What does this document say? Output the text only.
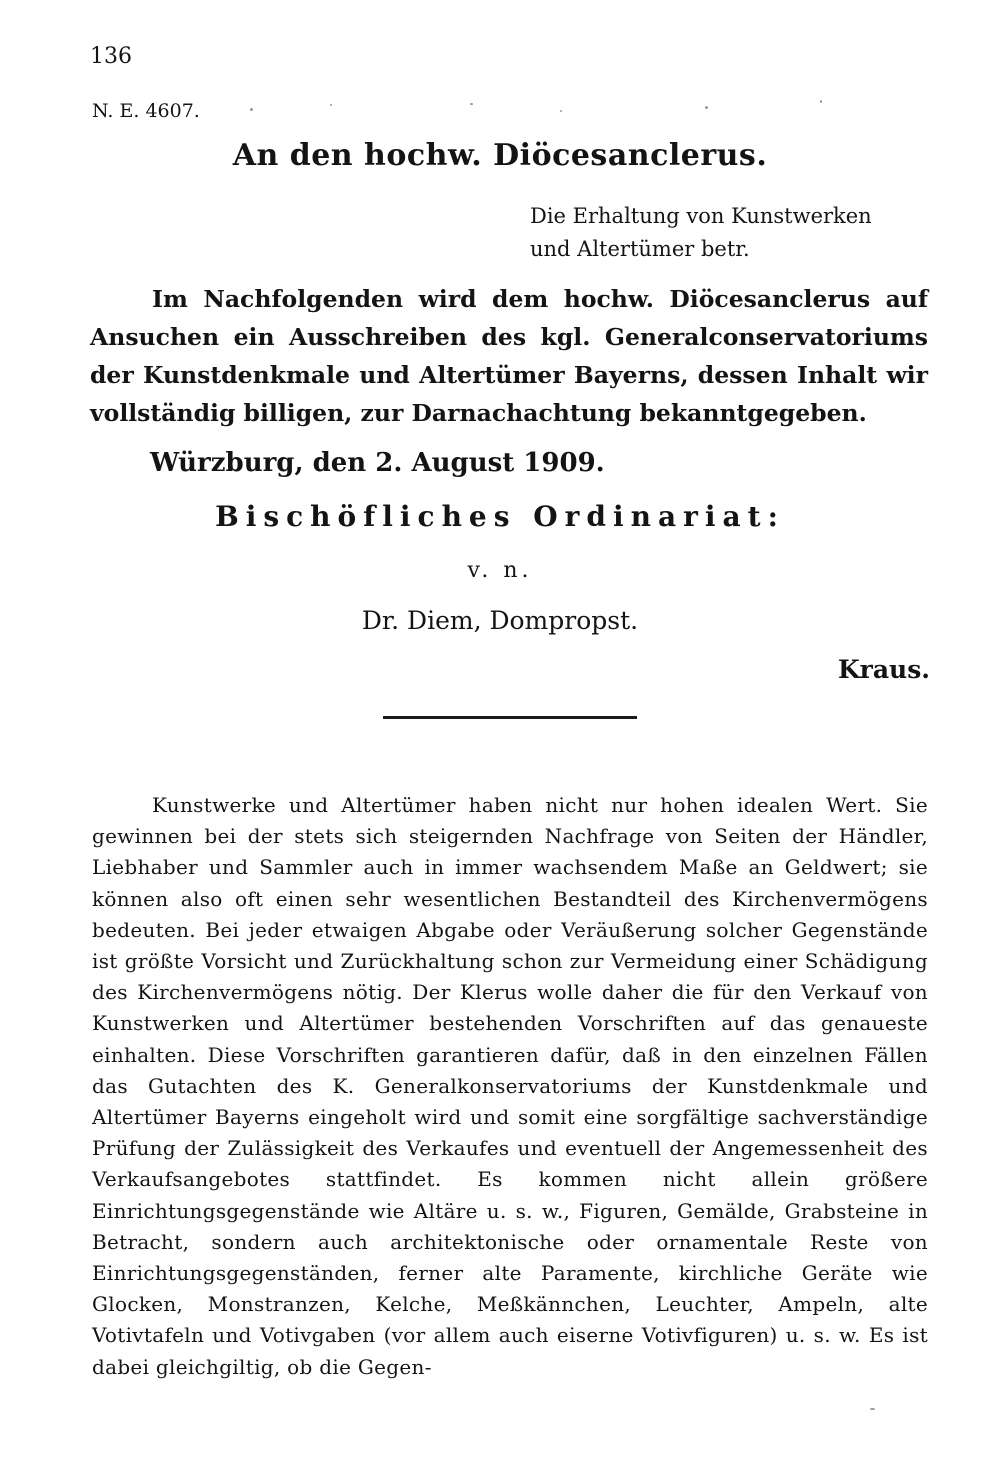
136
N. E. 4607.
An den hochw. Diöcesanclerus.
Die Erhaltung von Kunstwerken
und Altertümer betr.
Im Nachfolgenden wird dem hochw. Diöcesanclerus auf Ansuchen ein Ausschreiben des kgl. Generalconservatoriums der Kunstdenkmale und Altertümer Bayerns, dessen Inhalt wir vollständig billigen, zur Darnachachtung bekanntgegeben.
Würzburg, den 2. August 1909.
Bischöfliches Ordinariat:
v. n.
Dr. Diem, Dompropst.
Kraus.

Kunstwerke und Altertümer haben nicht nur hohen idealen Wert. Sie gewinnen bei der stets sich steigernden Nachfrage von Seiten der Händler, Liebhaber und Sammler auch in immer wachsendem Maße an Geldwert; sie können also oft einen sehr wesentlichen Bestandteil des Kirchenvermögens bedeuten. Bei jeder etwaigen Abgabe oder Veräußerung solcher Gegenstände ist größte Vorsicht und Zurückhaltung schon zur Vermeidung einer Schädigung des Kirchenvermögens nötig. Der Klerus wolle daher die für den Verkauf von Kunstwerken und Altertümer bestehenden Vorschriften auf das genaueste einhalten. Diese Vorschriften garantieren dafür, daß in den einzelnen Fällen das Gutachten des K. Generalkonservatoriums der Kunstdenkmale und Altertümer Bayerns eingeholt wird und somit eine sorgfältige sachverständige Prüfung der Zulässigkeit des Verkaufes und eventuell der Angemessenheit des Verkaufsangebotes stattfindet. Es kommen nicht allein größere Einrichtungsgegenstände wie Altäre u. s. w., Figuren, Gemälde, Grabsteine in Betracht, sondern auch architektonische oder ornamentale Reste von Einrichtungsgegenständen, ferner alte Paramente, kirchliche Geräte wie Glocken, Monstranzen, Kelche, Meßkännchen, Leuchter, Ampeln, alte Votivtafeln und Votivgaben (vor allem auch eiserne Votivfiguren) u. s. w. Es ist dabei gleichgiltig, ob die Gegen-
